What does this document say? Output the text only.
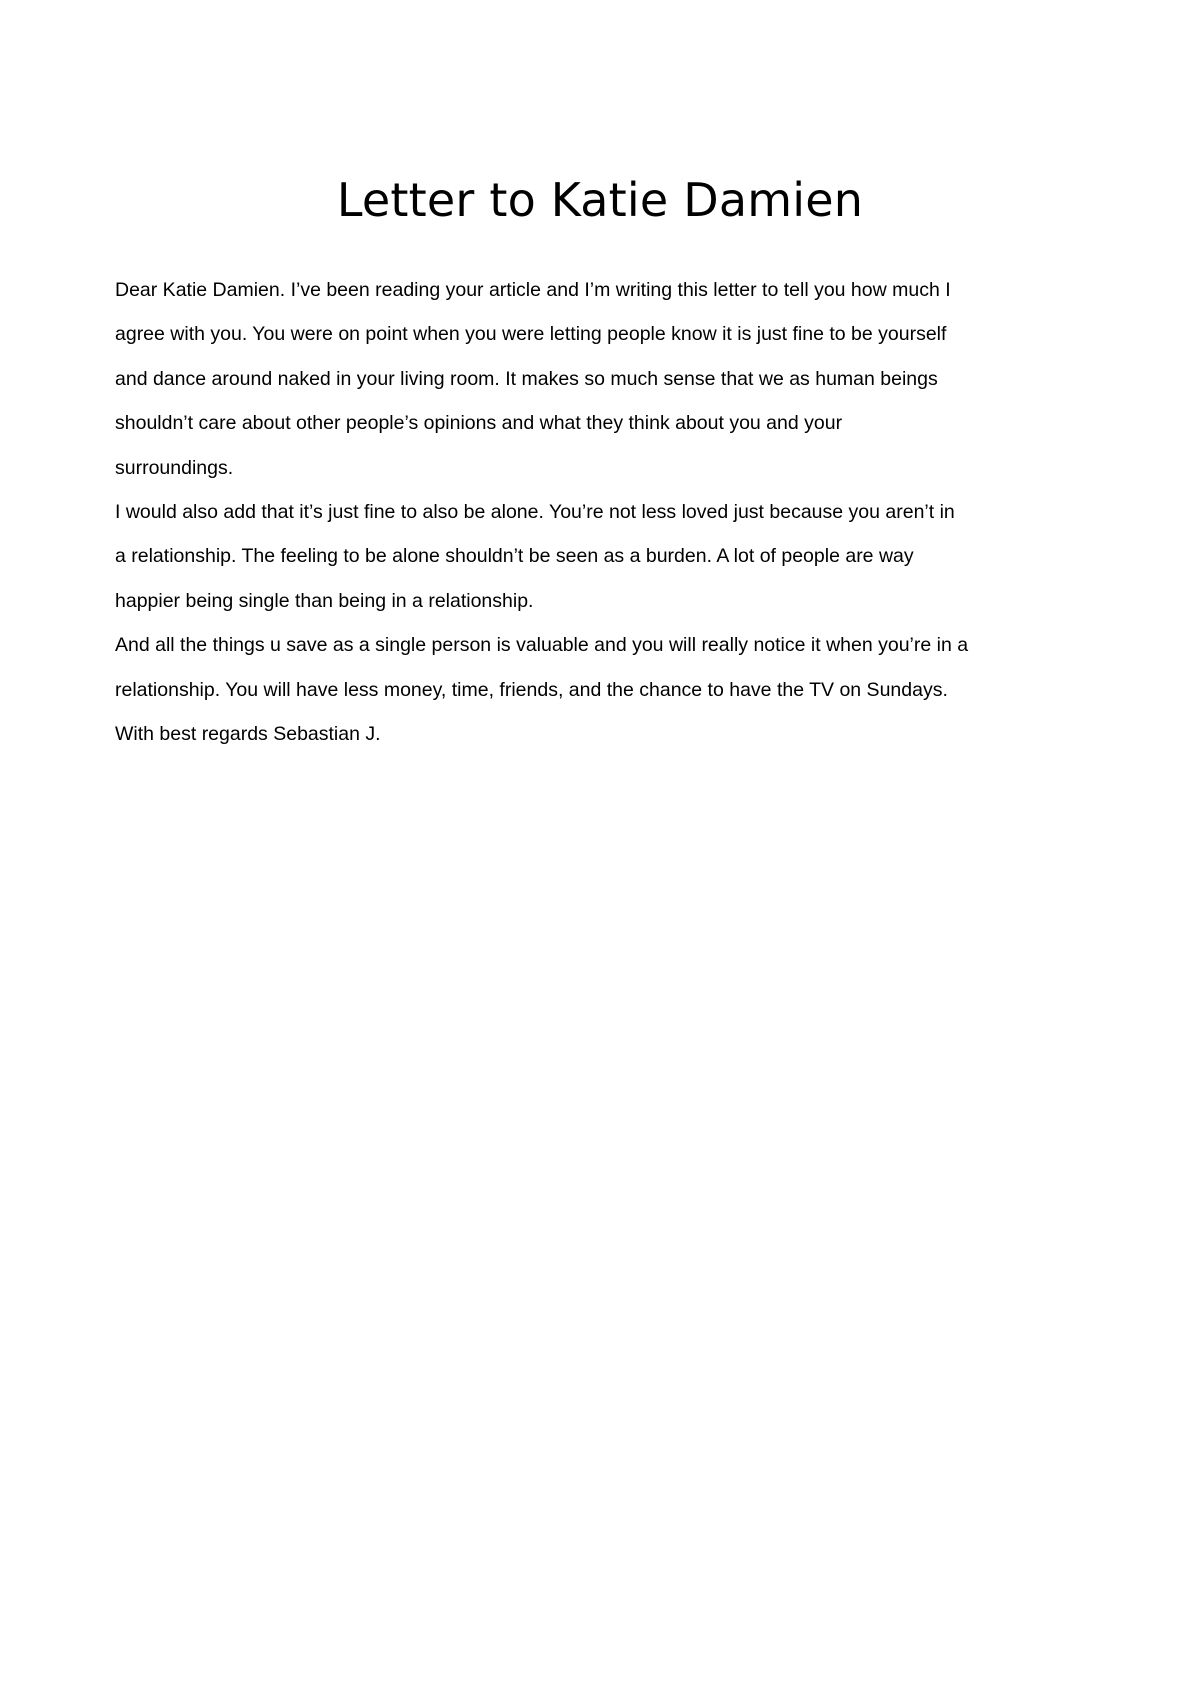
Letter to Katie Damien

Dear Katie Damien. I’ve been reading your article and I’m writing this letter to tell you how much I

agree with you. You were on point when you were letting people know it is just fine to be yourself

and dance around naked in your living room. It makes so much sense that we as human beings

shouldn’t care about other people’s opinions and what they think about you and your

surroundings.

I would also add that it’s just fine to also be alone. You’re not less loved just because you aren’t in

a relationship. The feeling to be alone shouldn’t be seen as a burden. A lot of people are way

happier being single than being in a relationship.

And all the things u save as a single person is valuable and you will really notice it when you’re in a

relationship. You will have less money, time, friends, and the chance to have the TV on Sundays.

With best regards Sebastian J.
